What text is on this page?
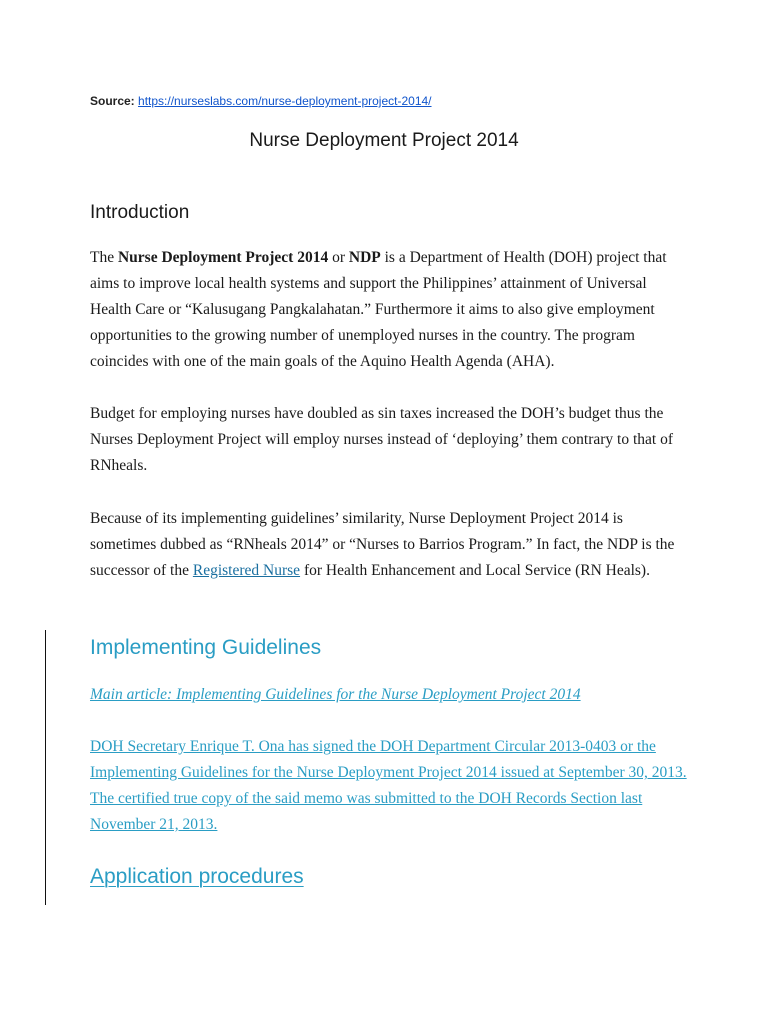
Source: https://nurseslabs.com/nurse-deployment-project-2014/
Nurse Deployment Project 2014
Introduction

The Nurse Deployment Project 2014 or NDP is a Department of Health (DOH) project that aims to improve local health systems and support the Philippines’ attainment of Universal Health Care or “Kalusugang Pangkalahatan.” Furthermore it aims to also give employment opportunities to the growing number of unemployed nurses in the country. The program coincides with one of the main goals of the Aquino Health Agenda (AHA).

Budget for employing nurses have doubled as sin taxes increased the DOH’s budget thus the Nurses Deployment Project will employ nurses instead of ‘deploying’ them contrary to that of RNheals.

Because of its implementing guidelines’ similarity, Nurse Deployment Project 2014 is sometimes dubbed as “RNheals 2014” or “Nurses to Barrios Program.” In fact, the NDP is the successor of the Registered Nurse for Health Enhancement and Local Service (RN Heals).

Implementing Guidelines

Main article: Implementing Guidelines for the Nurse Deployment Project 2014

DOH Secretary Enrique T. Ona has signed the DOH Department Circular 2013-0403 or the Implementing Guidelines for the Nurse Deployment Project 2014 issued at September 30, 2013. The certified true copy of the said memo was submitted to the DOH Records Section last November 21, 2013.

Application procedures
